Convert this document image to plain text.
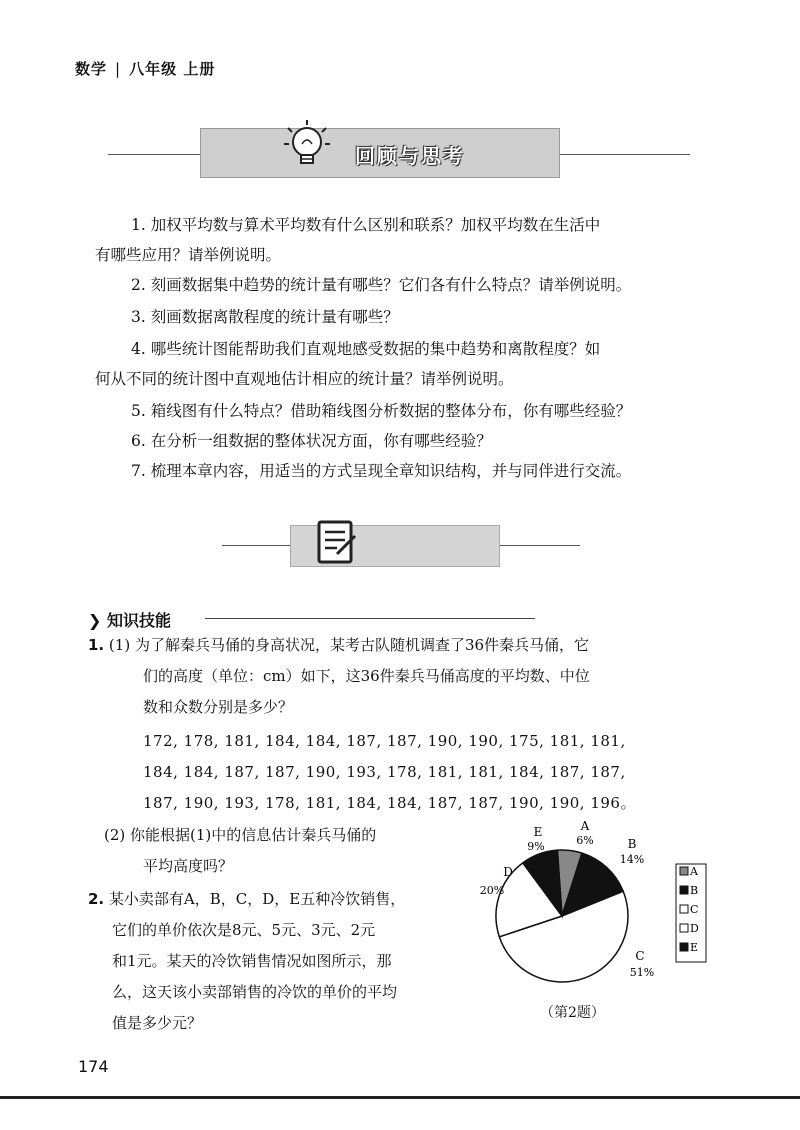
数学 | 八年级 上册
回顾与思考
1. 加权平均数与算术平均数有什么区别和联系？加权平均数在生活中
有哪些应用？请举例说明。
2. 刻画数据集中趋势的统计量有哪些？它们各有什么特点？请举例说明。
3. 刻画数据离散程度的统计量有哪些？
4. 哪些统计图能帮助我们直观地感受数据的集中趋势和离散程度？如
何从不同的统计图中直观地估计相应的统计量？请举例说明。
5. 箱线图有什么特点？借助箱线图分析数据的整体分布，你有哪些经验？
6. 在分析一组数据的整体状况方面，你有哪些经验？
7. 梳理本章内容，用适当的方式呈现全章知识结构，并与同伴进行交流。
❯ 知识技能
1. (1) 为了解秦兵马俑的身高状况，某考古队随机调查了36件秦兵马俑，它
们的高度（单位：cm）如下，这36件秦兵马俑高度的平均数、中位
数和众数分别是多少？
172, 178, 181, 184, 184, 187, 187, 190, 190, 175, 181, 181,
184, 184, 187, 187, 190, 193, 178, 181, 181, 184, 187, 187,
187, 190, 193, 178, 181, 184, 184, 187, 187, 190, 190, 196。
(2) 你能根据(1)中的信息估计秦兵马俑的
平均高度吗？
2. 某小卖部有A，B，C，D，E五种冷饮销售，
它们的单价依次是8元、5元、3元、2元
和1元。某天的冷饮销售情况如图所示，那
么，这天该小卖部销售的冷饮的单价的平均
值是多少元？
A
6%	B
14%
C
51%
D
20%
E
9%
A
B
C
D
E
（第2题）
174
